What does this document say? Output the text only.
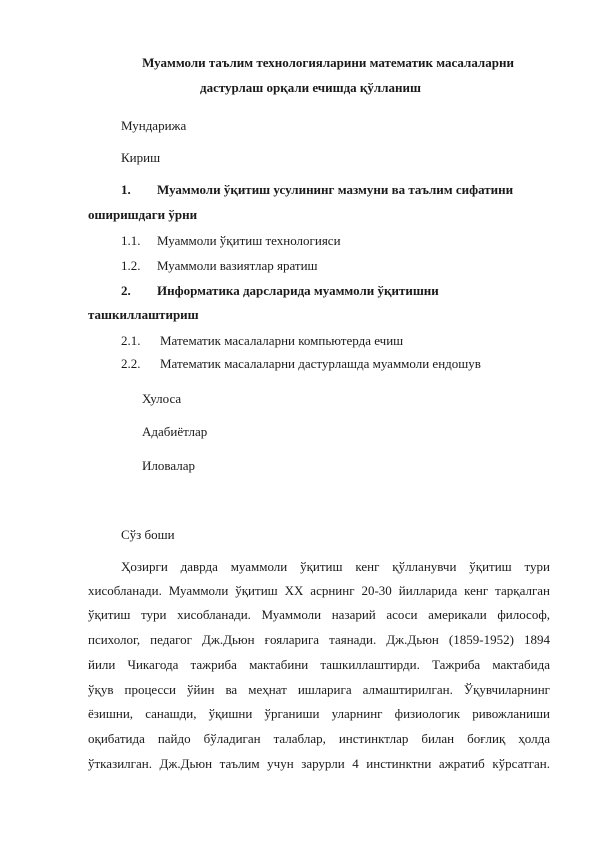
Муаммоли таълим технологияларини математик масалаларни
дастурлаш орқали ечишда қўлланиш
Мундарижа
Кириш
1. Муаммоли ўқитиш усулининг мазмуни ва таълим сифатини
оширишдаги ўрни
1.1. Муаммоли ўқитиш технологияси
1.2. Муаммоли вазиятлар яратиш
2. Информатика дарсларида муаммоли ўқитишни
ташкиллаштириш
2.1. Математик масалаларни компьютерда ечиш
2.2. Математик масалаларни дастурлашда муаммоли ендошув
Хулоса
Адабиётлар
Иловалар
Сўз боши
Ҳозирги даврда муаммоли ўқитиш кенг қўлланувчи ўқитиш тури
хисобланади. Муаммоли ўқитиш XX асрнинг 20-30 йилларида кенг тарқалган
ўқитиш тури хисобланади. Муаммоли назарий асоси америкали философ,
психолог, педагог Дж.Дьюн ғояларига таянади. Дж.Дьюн (1859-1952) 1894
йили Чикагода тажриба мактабини ташкиллаштирди. Тажриба мактабида
ўқув процесси ўйин ва меҳнат ишларига алмаштирилган. Ўқувчиларнинг
ёзишни, санашди, ўқишни ўрганиши уларнинг физиологик ривожланиши
оқибатида пайдо бўладиган талаблар, инстинктлар билан боғлиқ ҳолда
ўтказилган. Дж.Дьюн таълим учун зарурли 4 инстинктни ажратиб кўрсатган.
